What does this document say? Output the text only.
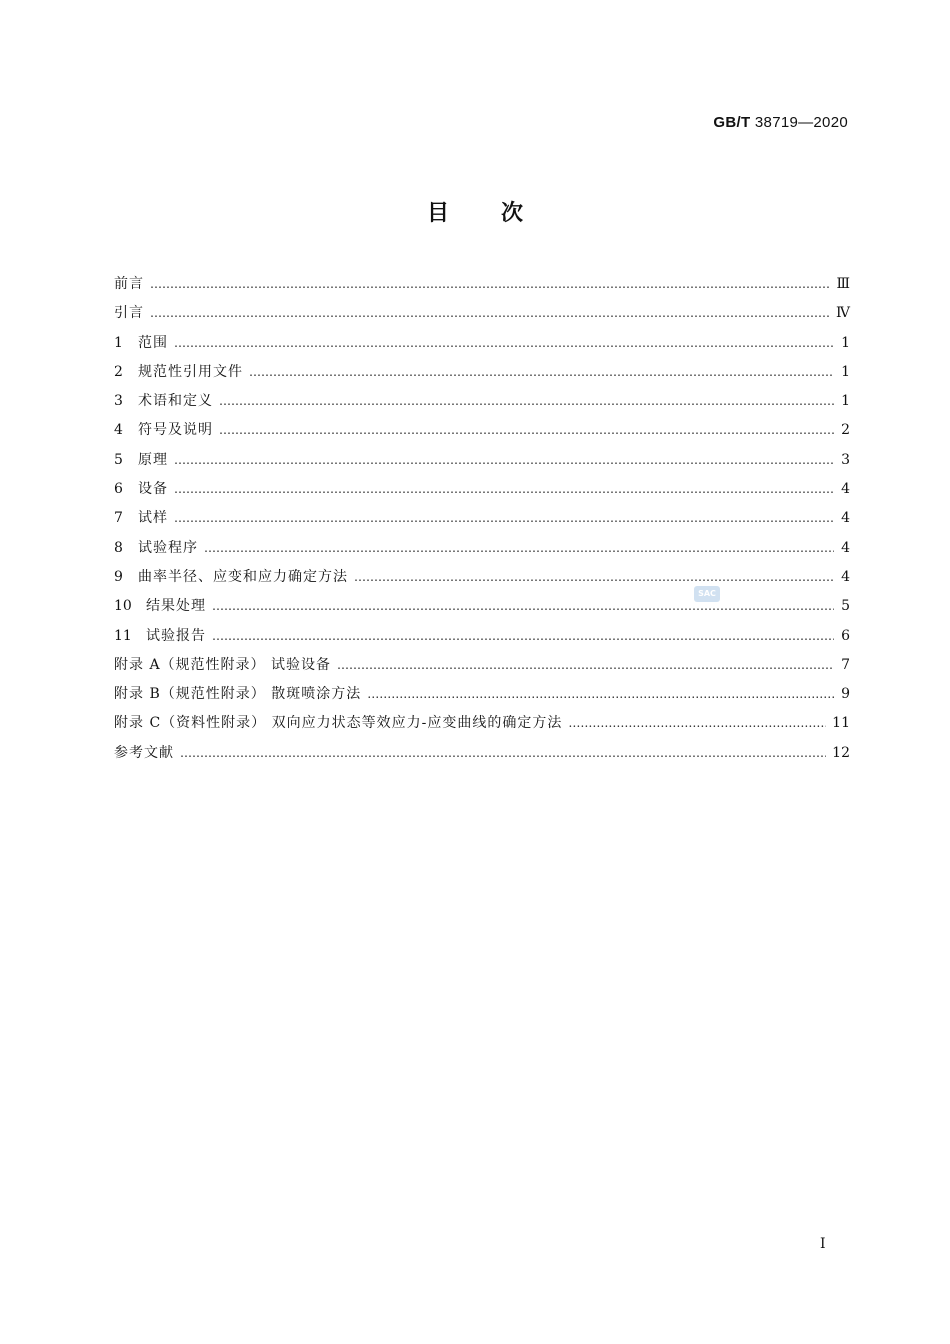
GB/T 38719—2020
目 次
前言 …………………………………………………………………………………………………………………………………………………………………………………………………………	Ⅲ
引言 …………………………………………………………………………………………………………………………………………………………………………………………………………	Ⅳ
1 范围 …………………………………………………………………………………………………………………………………………………………………………………………………………	1
2 规范性引用文件 …………………………………………………………………………………………………………………………………………………………………………………………………………	1
3 术语和定义 …………………………………………………………………………………………………………………………………………………………………………………………………………	1
4 符号及说明 …………………………………………………………………………………………………………………………………………………………………………………………………………	2
5 原理 …………………………………………………………………………………………………………………………………………………………………………………………………………	3
6 设备 …………………………………………………………………………………………………………………………………………………………………………………………………………	4
7 试样 …………………………………………………………………………………………………………………………………………………………………………………………………………	4
8 试验程序 …………………………………………………………………………………………………………………………………………………………………………………………………………	4
9 曲率半径、应变和应力确定方法 …………………………………………………………………………………………………………………………………………………………………………………………………………	4
10 结果处理 …………………………………………………………………………………………………………………………………………………………………………………………………………	5
11 试验报告 …………………………………………………………………………………………………………………………………………………………………………………………………………	6
附录 A（规范性附录） 试验设备 …………………………………………………………………………………………………………………………………………………………………………………………………………	7
附录 B（规范性附录） 散斑喷涂方法 …………………………………………………………………………………………………………………………………………………………………………………………………………	9
附录 C（资料性附录） 双向应力状态等效应力-应变曲线的确定方法 …………………………………………………………………………………………………………………………………………………………………………………………………………	11
参考文献 …………………………………………………………………………………………………………………………………………………………………………………………………………	12
SAC
I
